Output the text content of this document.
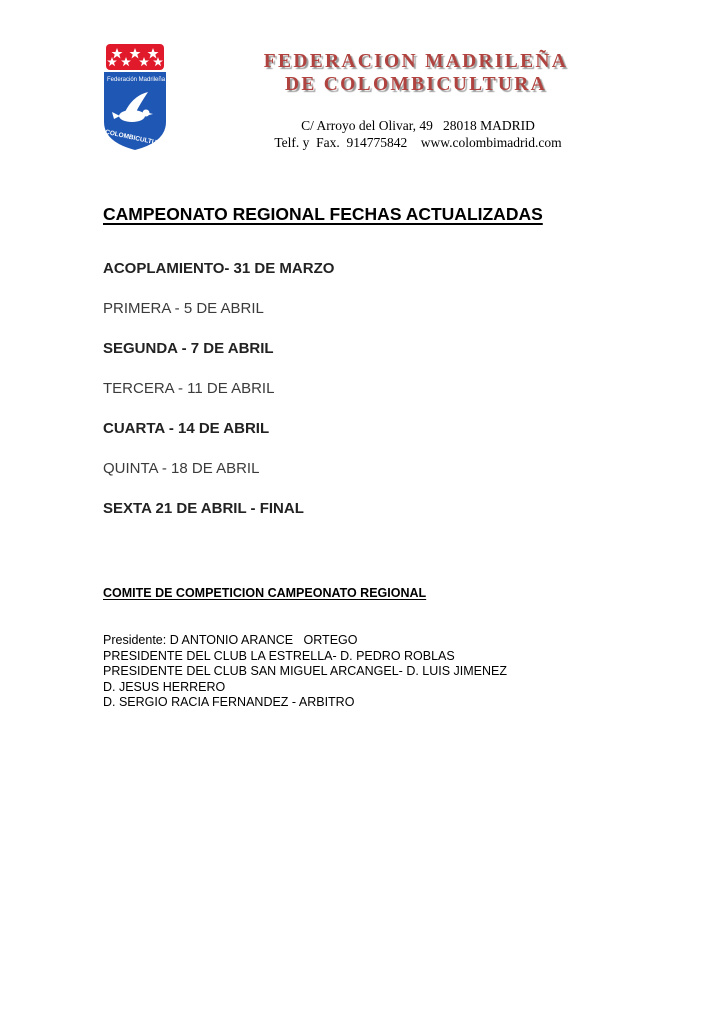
Federación Madrileña
COLOMBICULTURA
FEDERACION MADRILEÑA
DE COLOMBICULTURA
C/ Arroyo del Olivar, 49   28018 MADRID
Telf. y  Fax.  914775842    www.colombimadrid.com
CAMPEONATO REGIONAL FECHAS ACTUALIZADAS
ACOPLAMIENTO- 31 DE MARZO
PRIMERA - 5 DE ABRIL
SEGUNDA - 7 DE ABRIL
TERCERA - 11 DE ABRIL
CUARTA - 14 DE ABRIL
QUINTA - 18 DE ABRIL
SEXTA 21 DE ABRIL - FINAL
COMITE DE COMPETICION CAMPEONATO REGIONAL
Presidente: D ANTONIO ARANCE   ORTEGO
PRESIDENTE DEL CLUB LA ESTRELLA- D. PEDRO ROBLAS
PRESIDENTE DEL CLUB SAN MIGUEL ARCANGEL- D. LUIS JIMENEZ
D. JESUS HERRERO
D. SERGIO RACIA FERNANDEZ - ARBITRO
